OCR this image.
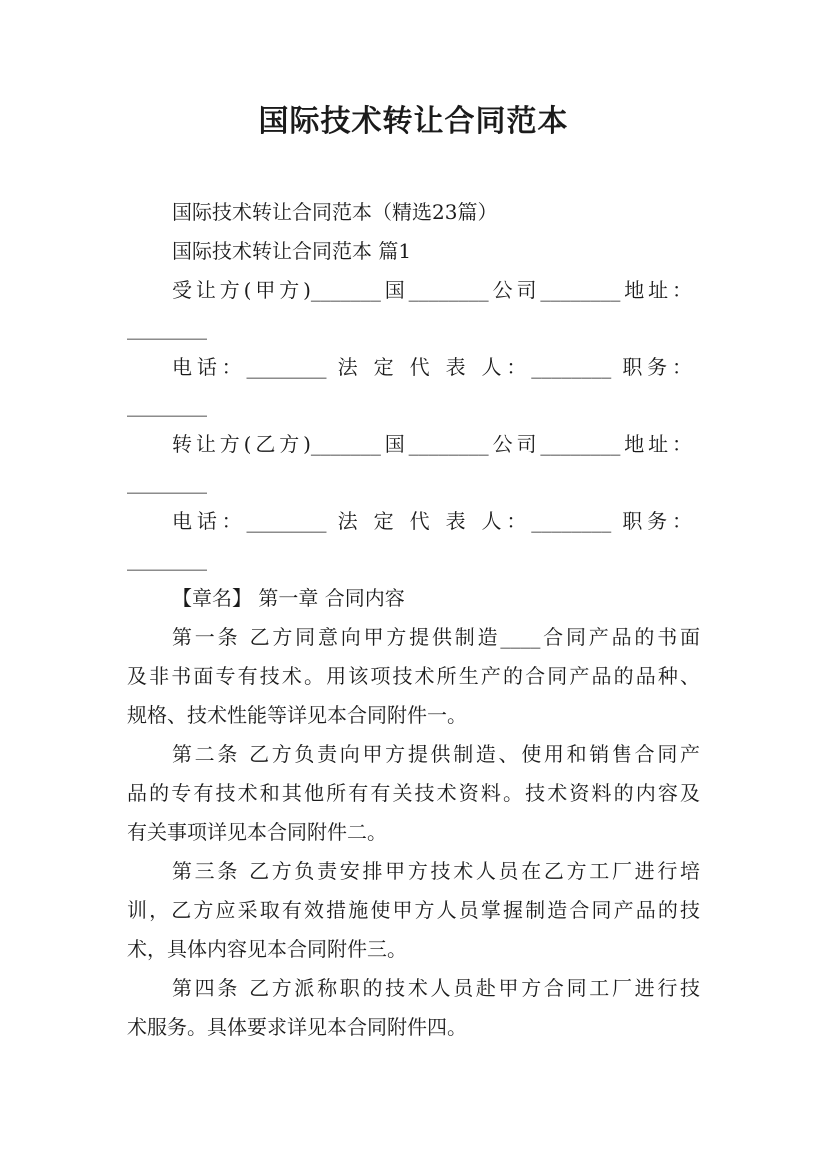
国际技术转让合同范本

国际技术转让合同范本（精选23篇）

国际技术转让合同范本 篇1

受让方(甲方)_______国________公司________地址：

________

电话：________ 法 定 代 表 人：________ 职务：

________

转让方(乙方)_______国________公司________地址：

________

电话：________ 法 定 代 表 人：________ 职务：

________

【章名】 第一章 合同内容

第一条 乙方同意向甲方提供制造____合同产品的书面

及非书面专有技术。用该项技术所生产的合同产品的品种、

规格、技术性能等详见本合同附件一。

第二条 乙方负责向甲方提供制造、使用和销售合同产

品的专有技术和其他所有有关技术资料。技术资料的内容及

有关事项详见本合同附件二。

第三条 乙方负责安排甲方技术人员在乙方工厂进行培

训，乙方应采取有效措施使甲方人员掌握制造合同产品的技

术，具体内容见本合同附件三。

第四条 乙方派称职的技术人员赴甲方合同工厂进行技

术服务。具体要求详见本合同附件四。
